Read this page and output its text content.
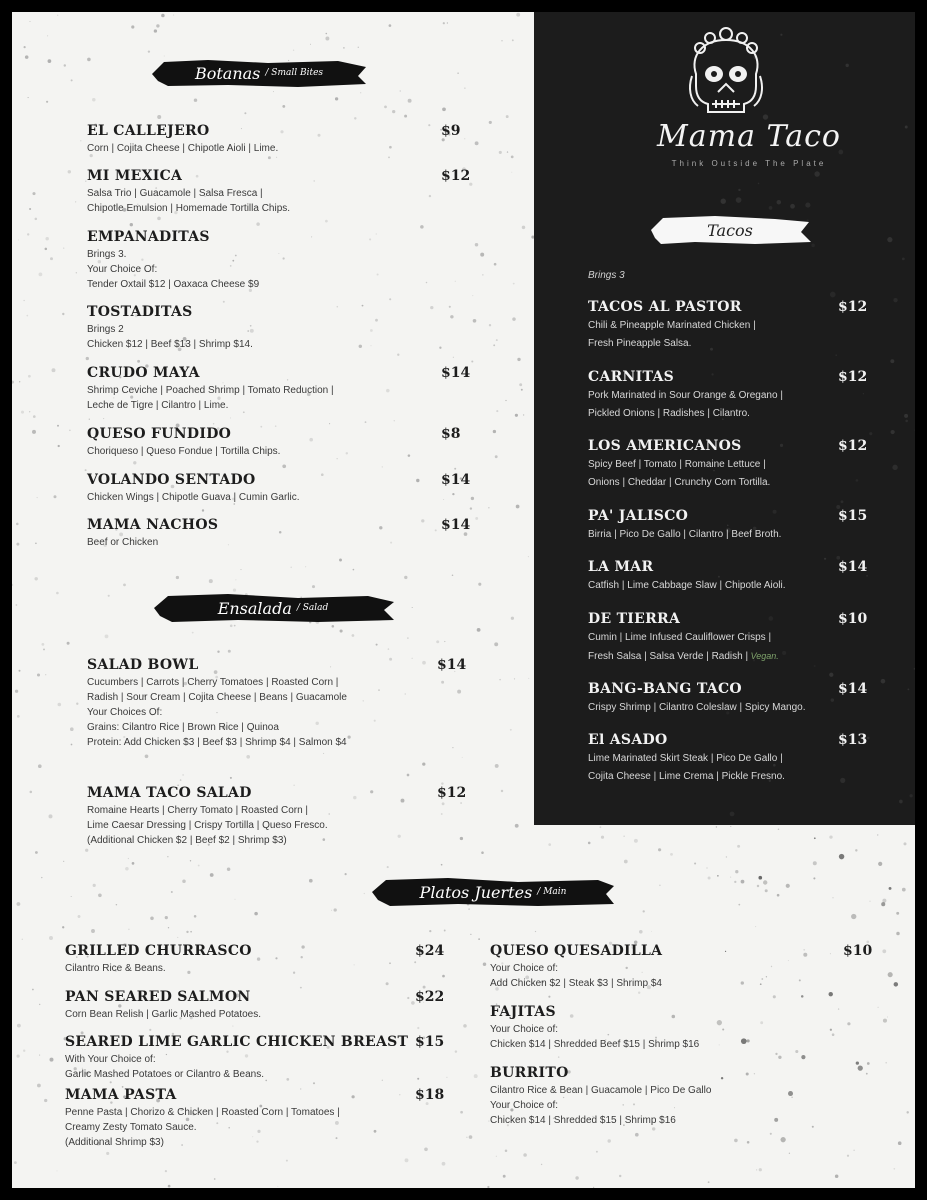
Mama Taco
Think Outside The Plate
Botanas / Small Bites
Ensalada / Salad
Tacos
Platos Juertes / Main
Brings 3
EL CALLEJERO	$9
Corn | Cojita Cheese | Chipotle Aioli | Lime.
MI MEXICA	$12
Salsa Trio | Guacamole | Salsa Fresca |
Chipotle Emulsion | Homemade Tortilla Chips.
EMPANADITAS
Brings 3.
Your Choice Of:
Tender Oxtail $12 | Oaxaca Cheese $9
TOSTADITAS
Brings 2
Chicken $12 | Beef $13 | Shrimp $14.
CRUDO MAYA	$14
Shrimp Ceviche | Poached Shrimp | Tomato Reduction |
Leche de Tigre | Cilantro | Lime.
QUESO FUNDIDO	$8
Choriqueso | Queso Fondue | Tortilla Chips.
VOLANDO SENTADO	$14
Chicken Wings | Chipotle Guava | Cumin Garlic.
MAMA NACHOS	$14
Beef or Chicken
SALAD BOWL	$14
Cucumbers | Carrots | Cherry Tomatoes | Roasted Corn |
Radish | Sour Cream | Cojita Cheese | Beans | Guacamole
Your Choices Of:
Grains: Cilantro Rice | Brown Rice | Quinoa
Protein: Add Chicken $3 | Beef $3 | Shrimp $4 | Salmon $4
MAMA TACO SALAD	$12
Romaine Hearts | Cherry Tomato | Roasted Corn |
Lime Caesar Dressing | Crispy Tortilla | Queso Fresco.
(Additional Chicken $2 | Beef $2 | Shrimp $3)
TACOS AL PASTOR	$12
Chili & Pineapple Marinated Chicken |
Fresh Pineapple Salsa.
CARNITAS	$12
Pork Marinated in Sour Orange & Oregano |
Pickled Onions | Radishes | Cilantro.
LOS AMERICANOS	$12
Spicy Beef | Tomato | Romaine Lettuce |
Onions | Cheddar | Crunchy Corn Tortilla.
PA' JALISCO	$15
Birria | Pico De Gallo | Cilantro | Beef Broth.
LA MAR	$14
Catfish | Lime Cabbage Slaw | Chipotle Aioli.
DE TIERRA	$10
Cumin | Lime Infused Cauliflower Crisps |
Fresh Salsa | Salsa Verde | Radish | Vegan.
BANG-BANG TACO	$14
Crispy Shrimp | Cilantro Coleslaw | Spicy Mango.
El ASADO	$13
Lime Marinated Skirt Steak | Pico De Gallo |
Cojita Cheese | Lime Crema | Pickle Fresno.
GRILLED CHURRASCO	$24
Cilantro Rice & Beans.
PAN SEARED SALMON	$22
Corn Bean Relish | Garlic Mashed Potatoes.
SEARED LIME GARLIC CHICKEN BREAST $15
With Your Choice of:
Garlic Mashed Potatoes or Cilantro & Beans.
MAMA PASTA	$18
Penne Pasta | Chorizo & Chicken | Roasted Corn | Tomatoes |
Creamy Zesty Tomato Sauce.
(Additional Shrimp $3)
QUESO QUESADILLA	$10
Your Choice of:
Add Chicken $2 | Steak $3 | Shrimp $4
FAJITAS
Your Choice of:
Chicken $14 | Shredded Beef $15 | Shrimp $16
BURRITO
Cilantro Rice & Bean | Guacamole | Pico De Gallo
Your Choice of:
Chicken $14 | Shredded $15 | Shrimp $16
